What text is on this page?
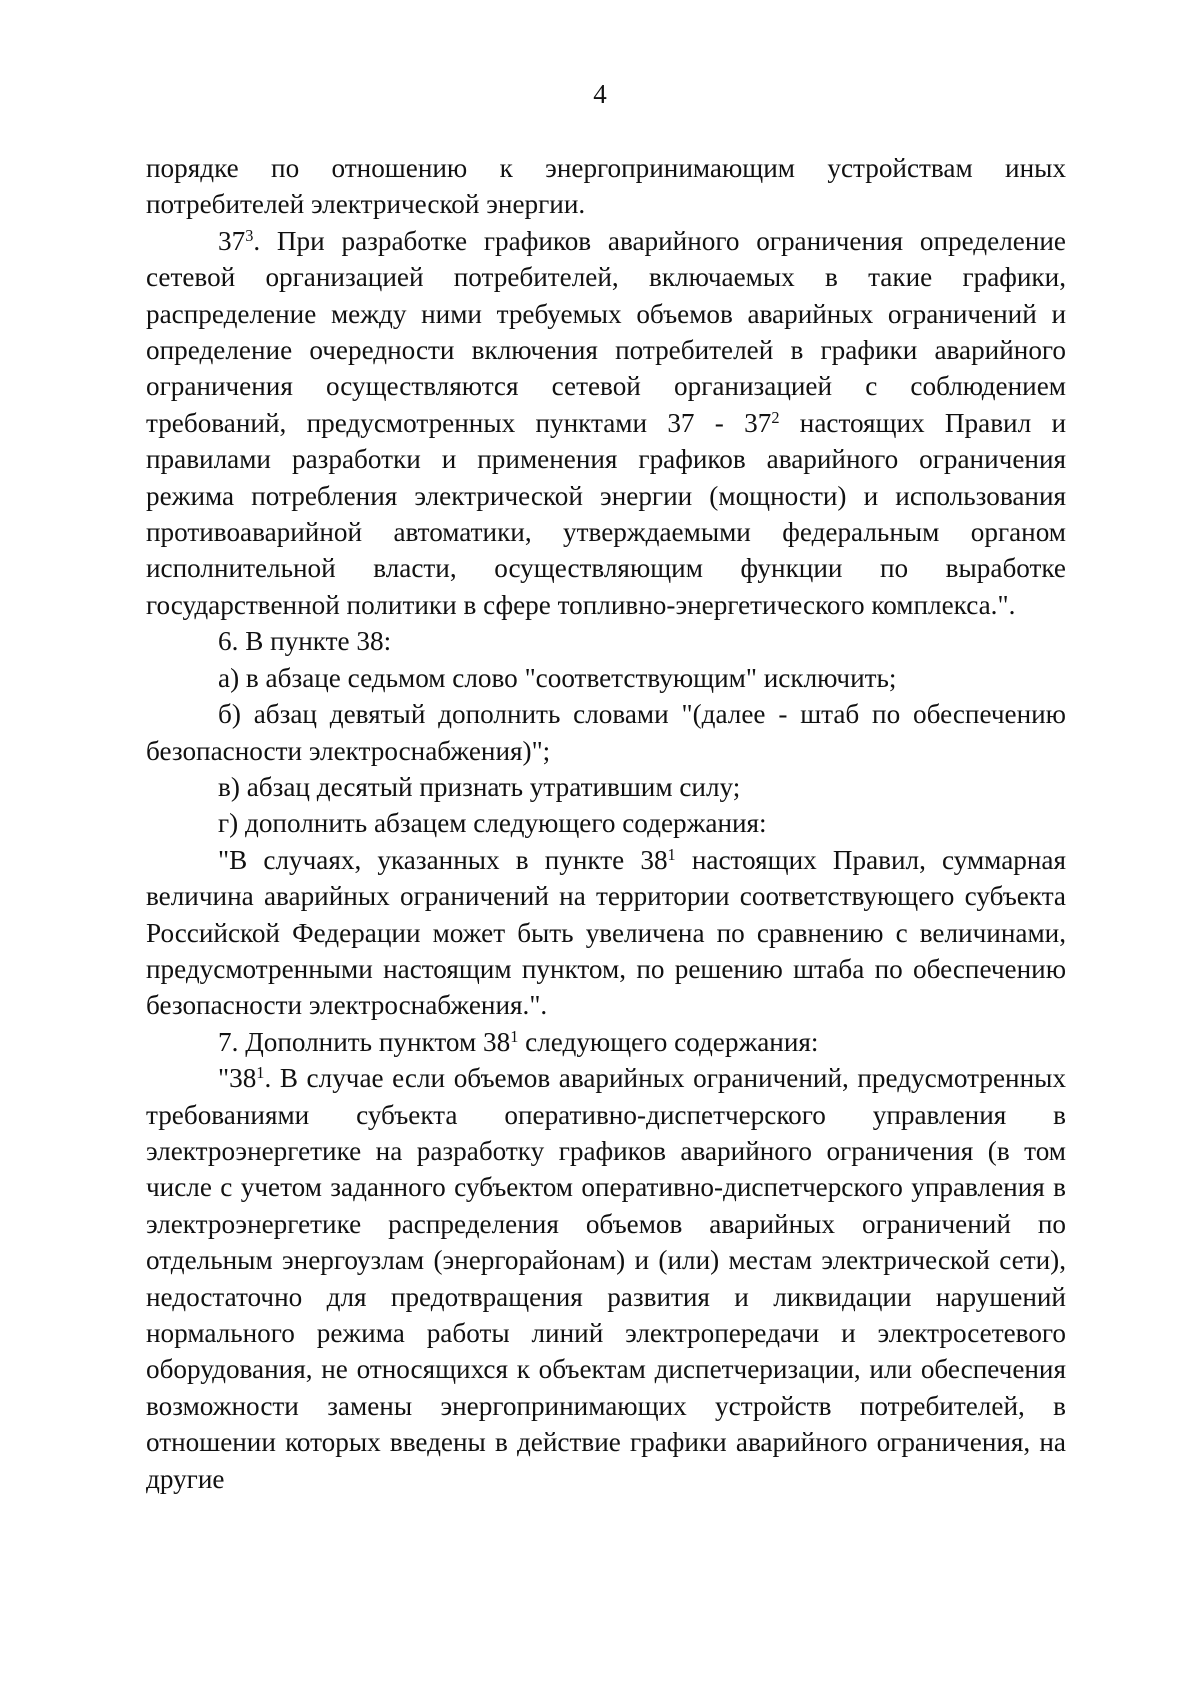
4

порядке по отношению к энергопринимающим устройствам иных потребителей электрической энергии.

$37^3$. При разработке графиков аварийного ограничения определение сетевой организацией потребителей, включаемых в такие графики, распределение между ними требуемых объемов аварийных ограничений и определение очередности включения потребителей в графики аварийного ограничения осуществляются сетевой организацией с соблюдением требований, предусмотренных пунктами $37 - 37^2$ настоящих Правил и правилами разработки и применения графиков аварийного ограничения режима потребления электрической энергии (мощности) и использования противоаварийной автоматики, утверждаемыми федеральным органом исполнительной власти, осуществляющим функции по выработке государственной политики в сфере топливно-энергетического комплекса.".

6. В пункте 38:

а) в абзаце седьмом слово "соответствующим" исключить;

б) абзац девятый дополнить словами "(далее - штаб по обеспечению безопасности электроснабжения)";

в) абзац десятый признать утратившим силу;

г) дополнить абзацем следующего содержания:

"В случаях, указанных в пункте $38^1$ настоящих Правил, суммарная величина аварийных ограничений на территории соответствующего субъекта Российской Федерации может быть увеличена по сравнению с величинами, предусмотренными настоящим пунктом, по решению штаба по обеспечению безопасности электроснабжения.".

7. Дополнить пунктом $38^1$ следующего содержания:

"$38^1$. В случае если объемов аварийных ограничений, предусмотренных требованиями субъекта оперативно-диспетчерского управления в электроэнергетике на разработку графиков аварийного ограничения (в том числе с учетом заданного субъектом оперативно-диспетчерского управления в электроэнергетике распределения объемов аварийных ограничений по отдельным энергоузлам (энергорайонам) и (или) местам электрической сети), недостаточно для предотвращения развития и ликвидации нарушений нормального режима работы линий электропередачи и электросетевого оборудования, не относящихся к объектам диспетчеризации, или обеспечения возможности замены энергопринимающих устройств потребителей, в отношении которых введены в действие графики аварийного ограничения, на другие
